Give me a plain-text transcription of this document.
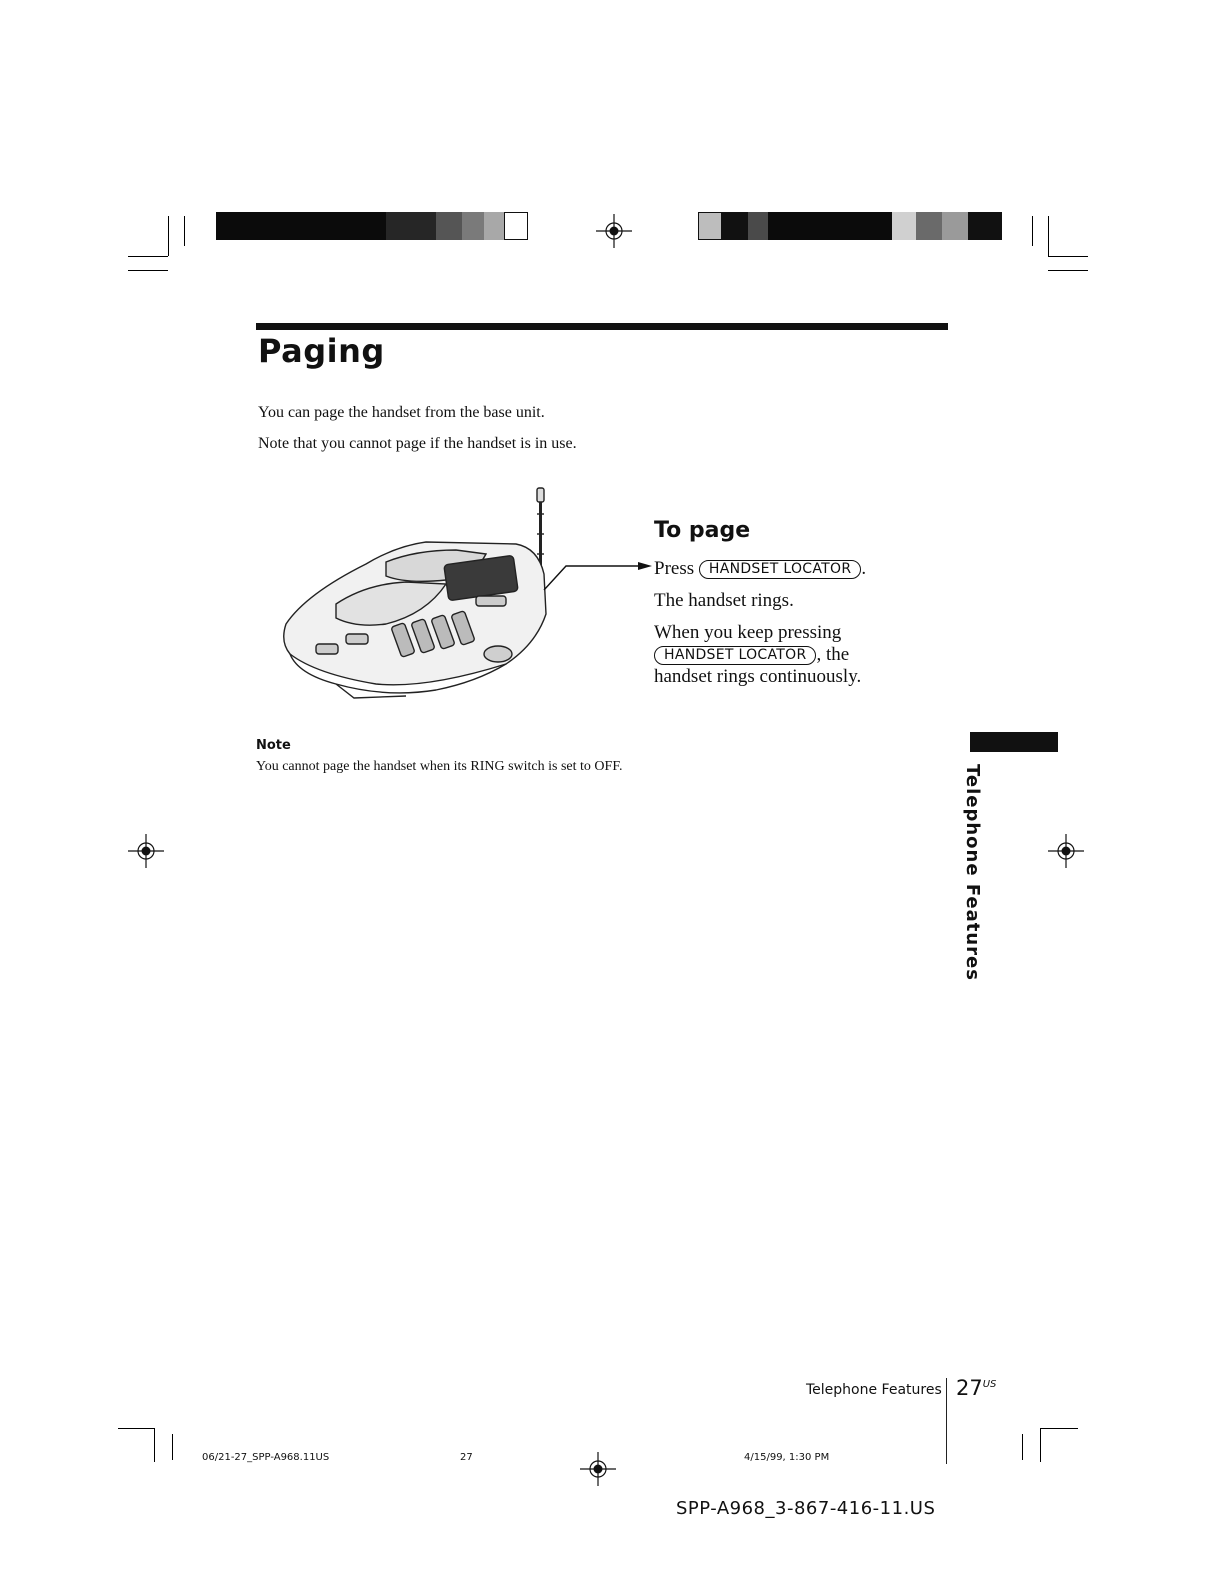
Paging
You can page the handset from the base unit.
Note that you cannot page if the handset is in use.
To page
Press HANDSET LOCATOR .
The handset rings.
When you keep pressing
HANDSET LOCATOR , the
handset rings continuously.
Note
You cannot page the handset when its RING switch is set to OFF.	Telephone Features
Telephone Features $27^{US}$
06/21-27_SPP-A968.11US	27	4/15/99, 1:30 PM
SPP-A968_3-867-416-11.US
